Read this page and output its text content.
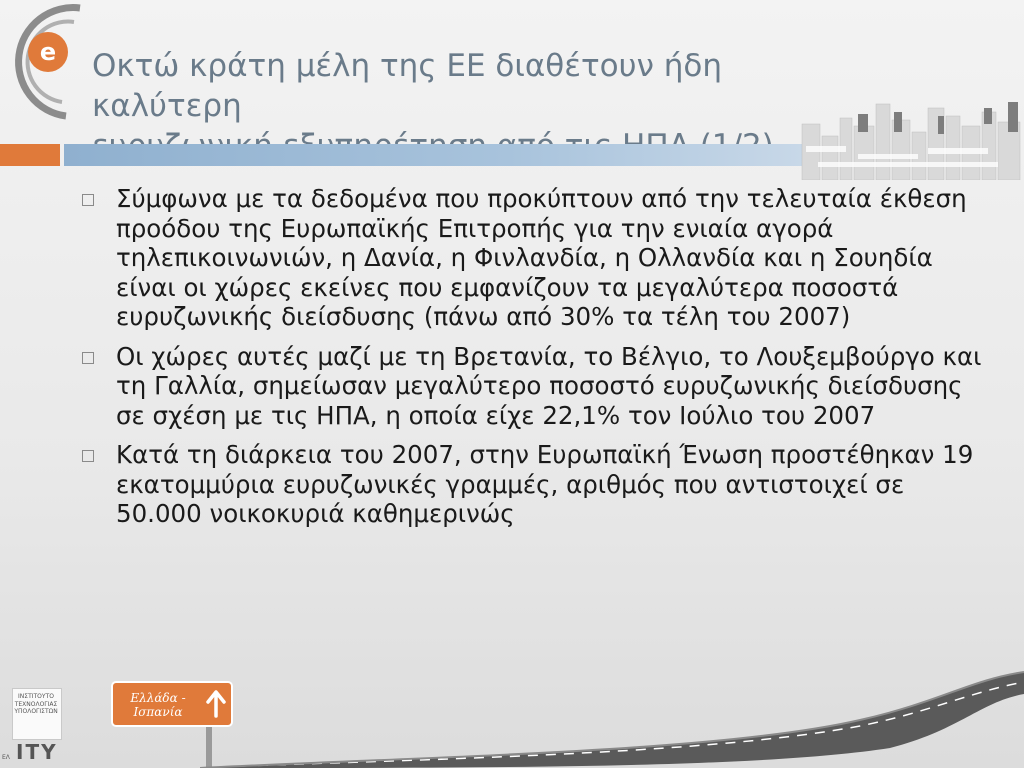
e Οκτώ κράτη μέλη της ΕΕ διαθέτουν ήδη καλύτερη

Σύμφωνα με τα δεδομένα που προκύπτουν από την τελευταία έκθεση προόδου της Ευρωπαϊκής Επιτροπής για την ενιαία αγορά τηλεπικοινωνιών, η Δανία, η Φινλανδία, η Ολλανδία και η Σουηδία είναι οι χώρες εκείνες που εμφανίζουν τα μεγαλύτερα ποσοστά ευρυζωνικής διείσδυσης (πάνω από 30% τα τέλη του 2007)
Οι χώρες αυτές μαζί με τη Βρετανία, το Βέλγιο, το Λουξεμβούργο και τη Γαλλία, σημείωσαν μεγαλύτερο ποσοστό ευρυζωνικής διείσδυσης σε σχέση με τις ΗΠΑ, η οποία είχε 22,1% τον Ιούλιο του 2007
Κατά τη διάρκεια του 2007, στην Ευρωπαϊκή Ένωση προστέθηκαν 19 εκατομμύρια ευρυζωνικές γραμμές, αριθμός που αντιστοιχεί σε 50.000 νοικοκυριά καθημερινώς
ΙΝΣΤΙΤΟΥΤΟ ΤΕΧΝΟΛΟΓΙΑΣ ΥΠΟΛΟΓΙΣΤΩΝ
ITY
ΕΛ
Ελλάδα - Ισπανία
